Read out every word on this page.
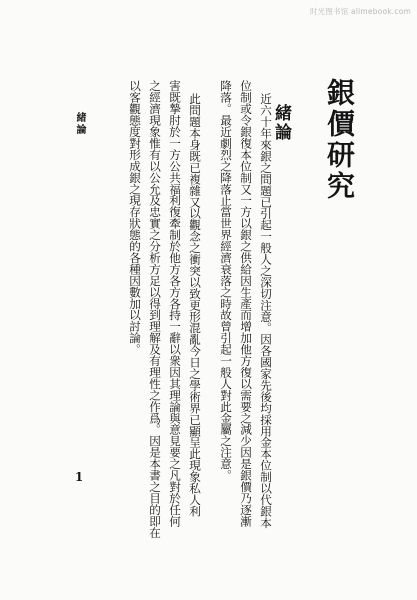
时光图书馆 alimebook.com
銀價研究
緒論
近六十年來銀之問題已引起一般人之深切注意。因各國家先後均採用金本位制以代銀本
位制或令銀復本位制又一方以銀之供給因生產而增加他方復以需要之減少因是銀價乃逐漸
降落。最近劇烈之降落止當世界經濟衰落之時故曾引起一般人對此金屬之注意。
此問題本身既已複雜又以觀念之衝突以致更形混亂今日之學術界已顯呈此現象私人利
害既摯肘於一方公共福利復牽制於他方各方各持一辭以衆因其理論與意見要之凡對於任何
之經濟現象惟有以公允及忠實之分析方足以得到理解及有理性之作爲。因是本書之目的即在
以客觀態度對形成銀之現存狀態的各種因數加以討論。
緒論
1
